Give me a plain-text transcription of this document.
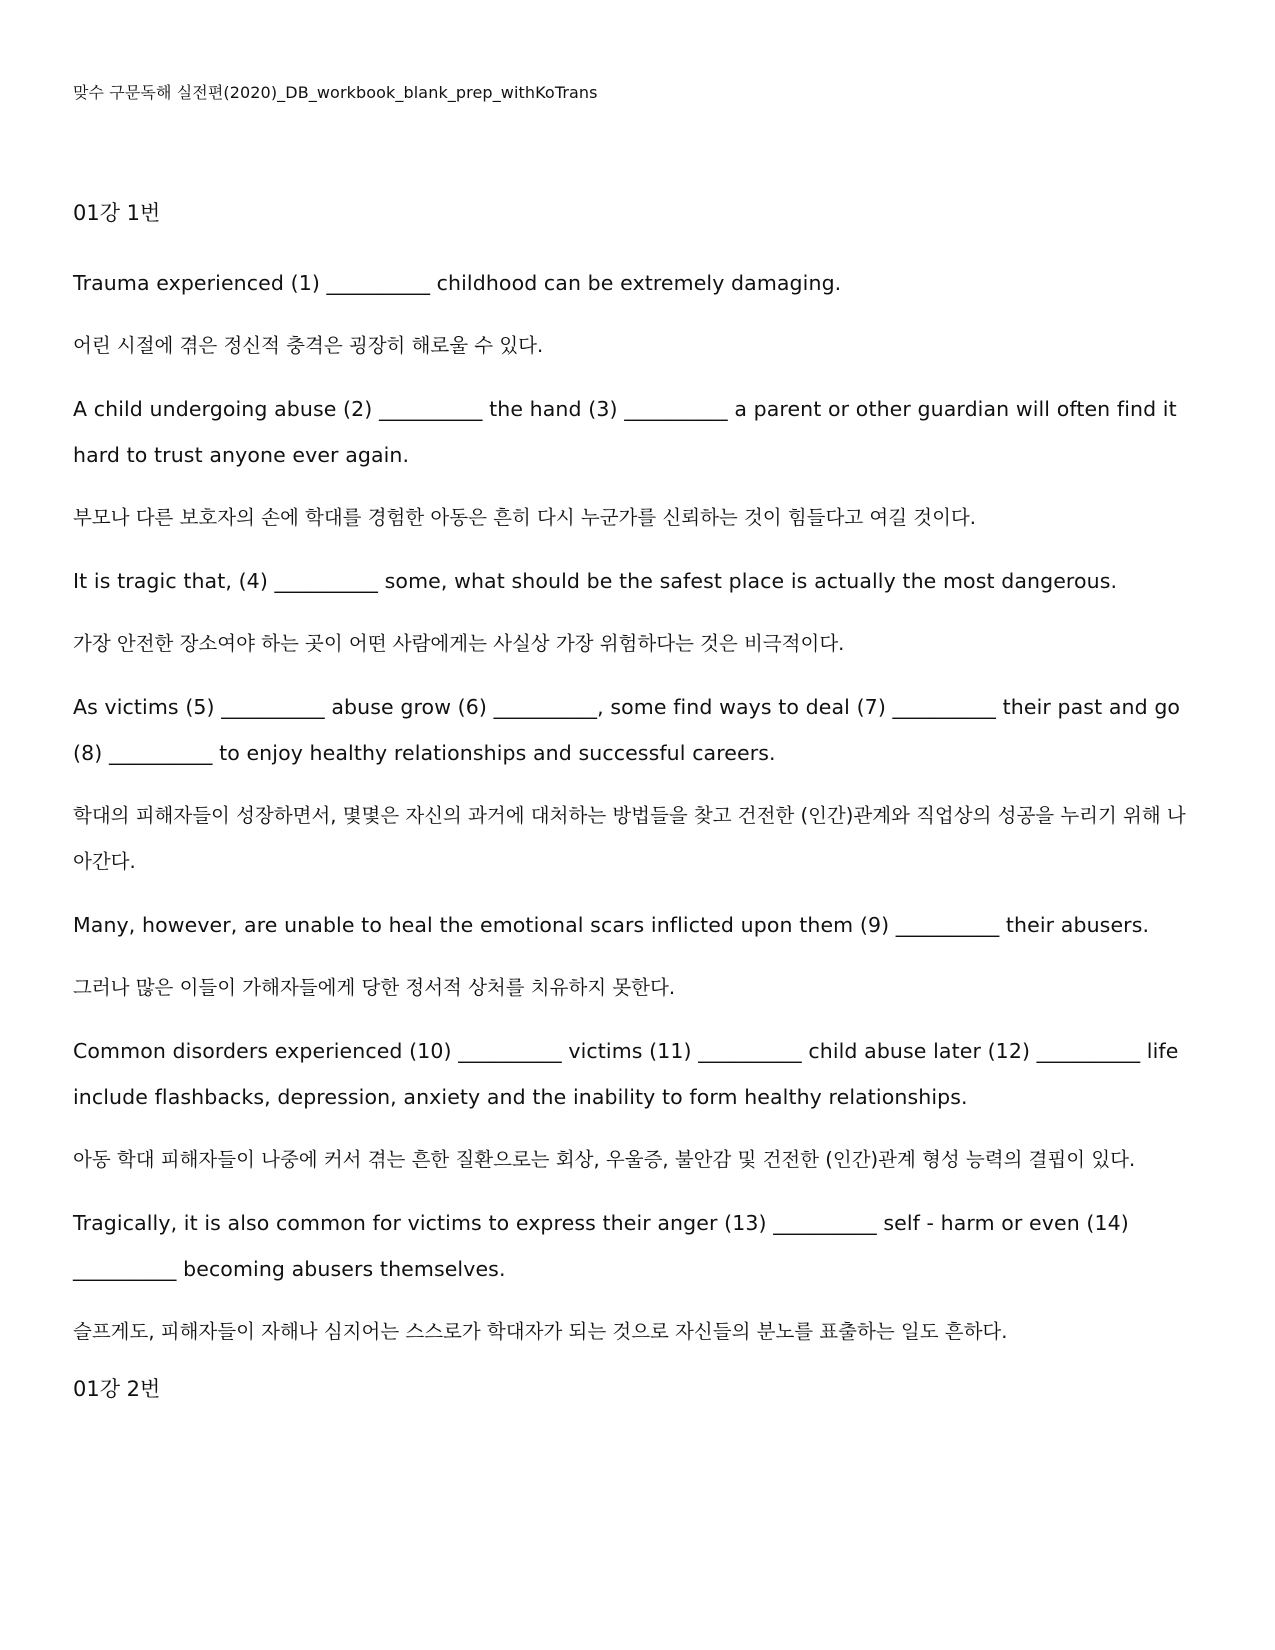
맞수 구문독해 실전편(2020)_DB_workbook_blank_prep_withKoTrans
01강 1번

Trauma experienced (1) __________ childhood can be extremely damaging.

어린 시절에 겪은 정신적 충격은 굉장히 해로울 수 있다.

A child undergoing abuse (2) __________ the hand (3) __________ a parent or other guardian will often find it hard to trust anyone ever again.

부모나 다른 보호자의 손에 학대를 경험한 아동은 흔히 다시 누군가를 신뢰하는 것이 힘들다고 여길 것이다.

It is tragic that, (4) __________ some, what should be the safest place is actually the most dangerous.

가장 안전한 장소여야 하는 곳이 어떤 사람에게는 사실상 가장 위험하다는 것은 비극적이다.

As victims (5) __________ abuse grow (6) __________, some find ways to deal (7) __________ their past and go (8) __________ to enjoy healthy relationships and successful careers.

학대의 피해자들이 성장하면서, 몇몇은 자신의 과거에 대처하는 방법들을 찾고 건전한 (인간)관계와 직업상의 성공을 누리기 위해 나아간다.

Many, however, are unable to heal the emotional scars inflicted upon them (9) __________ their abusers.

그러나 많은 이들이 가해자들에게 당한 정서적 상처를 치유하지 못한다.

Common disorders experienced (10) __________ victims (11) __________ child abuse later (12) __________ life include flashbacks, depression, anxiety and the inability to form healthy relationships.

아동 학대 피해자들이 나중에 커서 겪는 흔한 질환으로는 회상, 우울증, 불안감 및 건전한 (인간)관계 형성 능력의 결핍이 있다.

Tragically, it is also common for victims to express their anger (13) __________ self - harm or even (14) __________ becoming abusers themselves.

슬프게도, 피해자들이 자해나 심지어는 스스로가 학대자가 되는 것으로 자신들의 분노를 표출하는 일도 흔하다.

01강 2번
